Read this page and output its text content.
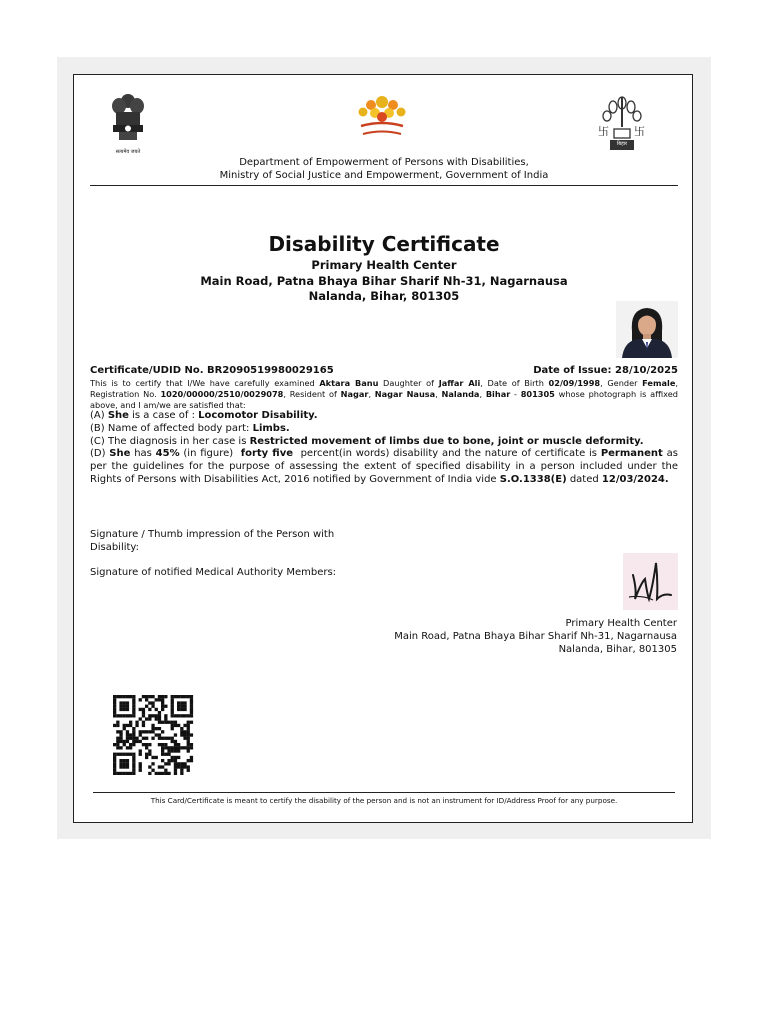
सत्यमेव जयते
卐 卐
बिहार
Department of Empowerment of Persons with Disabilities,
Ministry of Social Justice and Empowerment, Government of India
Disability Certificate
Primary Health Center
Main Road, Patna Bhaya Bihar Sharif Nh-31, Nagarnausa
Nalanda, Bihar, 801305
Certificate/UDID No. BR2090519980029165	Date of Issue: 28/10/2025
This is to certify that I/We have carefully examined Aktara Banu Daughter of Jaffar Ali, Date of Birth 02/09/1998, Gender Female, Registration No. 1020/00000/2510/0029078, Resident of Nagar, Nagar Nausa, Nalanda, Bihar - 801305 whose photograph is affixed above, and I am/we are satisfied that:

(A) She is a case of : Locomotor Disability.

(B) Name of affected body part: Limbs.

(C) The diagnosis in her case is Restricted movement of limbs due to bone, joint or muscle deformity.

(D) She has 45% (in figure)  forty five  percent(in words) disability and the nature of certificate is Permanent as per the guidelines for the purpose of assessing the extent of specified disability in a person included under the Rights of Persons with Disabilities Act, 2016 notified by Government of India vide S.O.1338(E) dated 12/03/2024.

Signature / Thumb impression of the Person with
Disability:
Signature of notified Medical Authority Members:
Primary Health Center
Main Road, Patna Bhaya Bihar Sharif Nh-31, Nagarnausa
Nalanda, Bihar, 801305
This Card/Certificate is meant to certify the disability of the person and is not an instrument for ID/Address Proof for any purpose.
